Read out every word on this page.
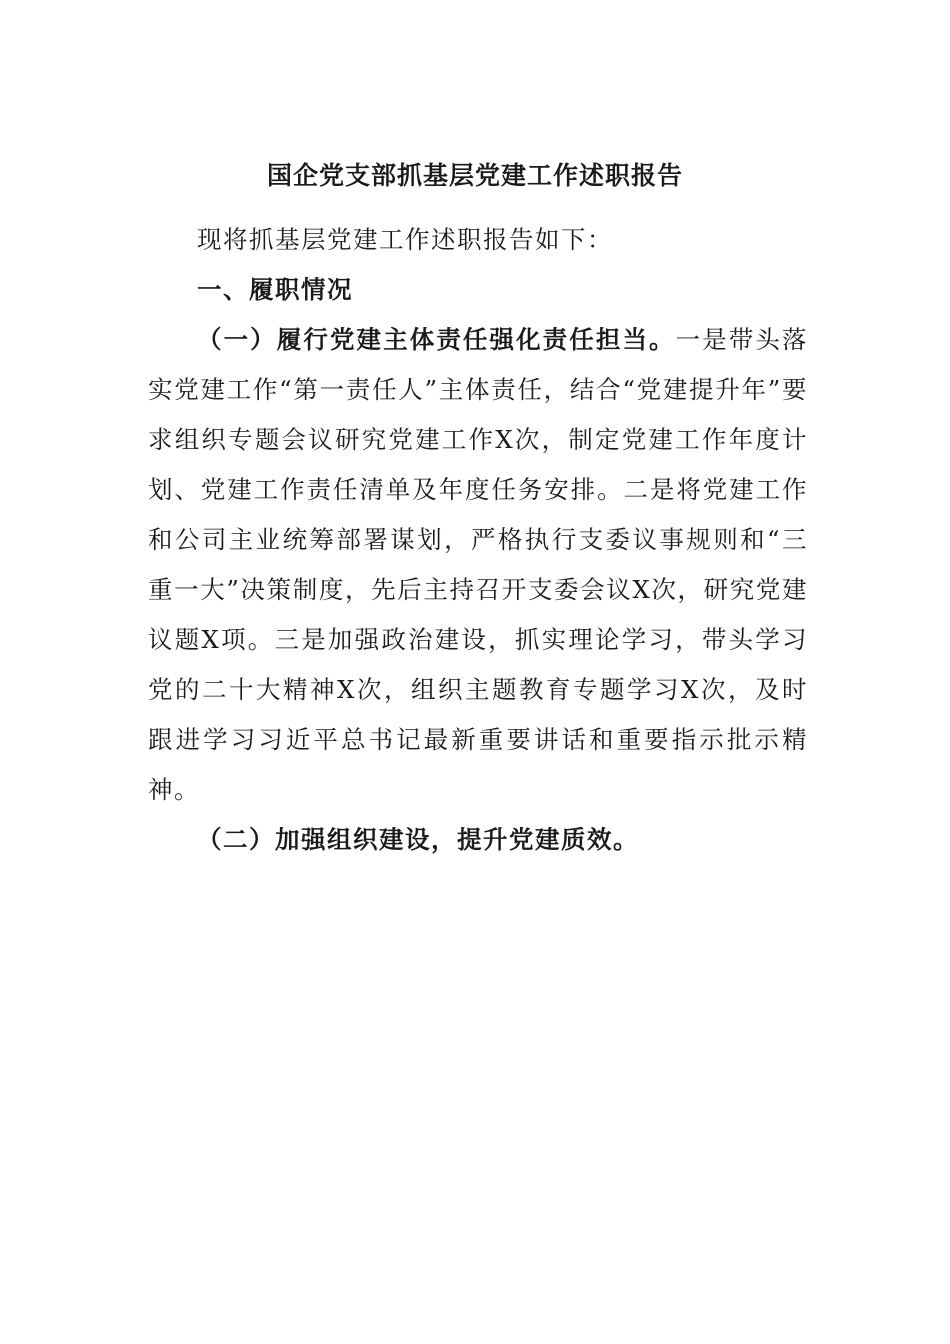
国企党支部抓基层党建工作述职报告

现将抓基层党建工作述职报告如下：

一、履职情况

（一）履行党建主体责任强化责任担当。一是带头落实党建工作“第一责任人”主体责任，结合“党建提升年”要求组织专题会议研究党建工作X次，制定党建工作年度计划、党建工作责任清单及年度任务安排。二是将党建工作和公司主业统筹部署谋划，严格执行支委议事规则和“三重一大”决策制度，先后主持召开支委会议X次，研究党建议题X项。三是加强政治建设，抓实理论学习，带头学习党的二十大精神X次，组织主题教育专题学习X次，及时跟进学习习近平总书记最新重要讲话和重要指示批示精神。

（二）加强组织建设，提升党建质效。
